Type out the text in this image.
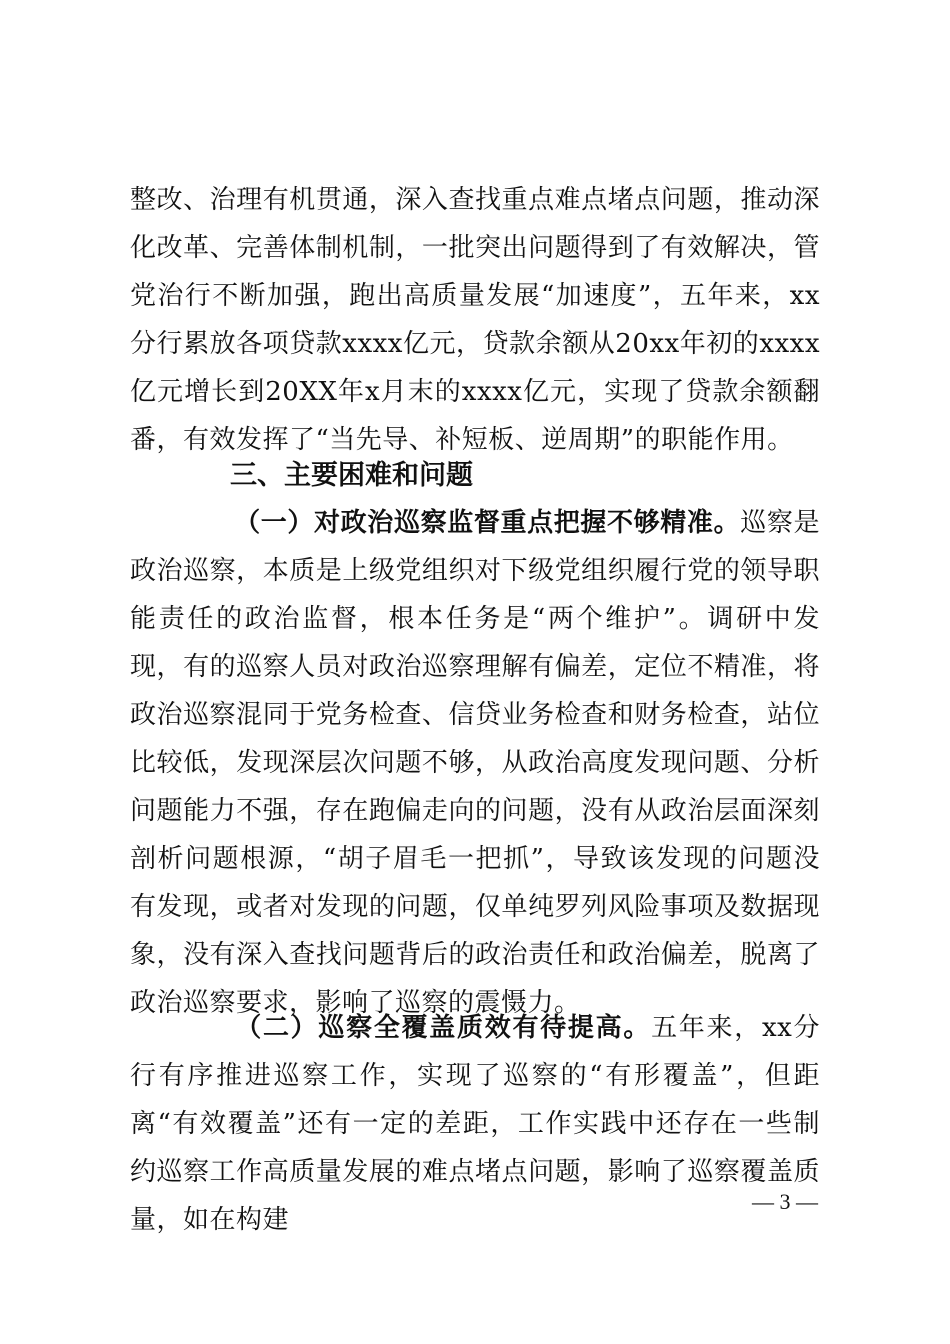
整改、治理有机贯通，深入查找重点难点堵点问题，推动深化改革、完善体制机制，一批突出问题得到了有效解决，管党治行不断加强，跑出高质量发展“加速度”，五年来，xx分行累放各项贷款xxxx亿元，贷款余额从20xx年初的xxxx亿元增长到20XX年x月末的xxxx亿元，实现了贷款余额翻番，有效发挥了“当先导、补短板、逆周期”的职能作用。

三、主要困难和问题

（一）对政治巡察监督重点把握不够精准。巡察是政治巡察，本质是上级党组织对下级党组织履行党的领导职能责任的政治监督，根本任务是“两个维护”。调研中发现，有的巡察人员对政治巡察理解有偏差，定位不精准，将政治巡察混同于党务检查、信贷业务检查和财务检查，站位比较低，发现深层次问题不够，从政治高度发现问题、分析问题能力不强，存在跑偏走向的问题，没有从政治层面深刻剖析问题根源，“胡子眉毛一把抓”，导致该发现的问题没有发现，或者对发现的问题，仅单纯罗列风险事项及数据现象，没有深入查找问题背后的政治责任和政治偏差，脱离了政治巡察要求，影响了巡察的震慑力。

（二）巡察全覆盖质效有待提高。五年来，xx分行有序推进巡察工作，实现了巡察的“有形覆盖”，但距离“有效覆盖”还有一定的差距，工作实践中还存在一些制约巡察工作高质量发展的难点堵点问题，影响了巡察覆盖质量，如在构建

— 3 —
